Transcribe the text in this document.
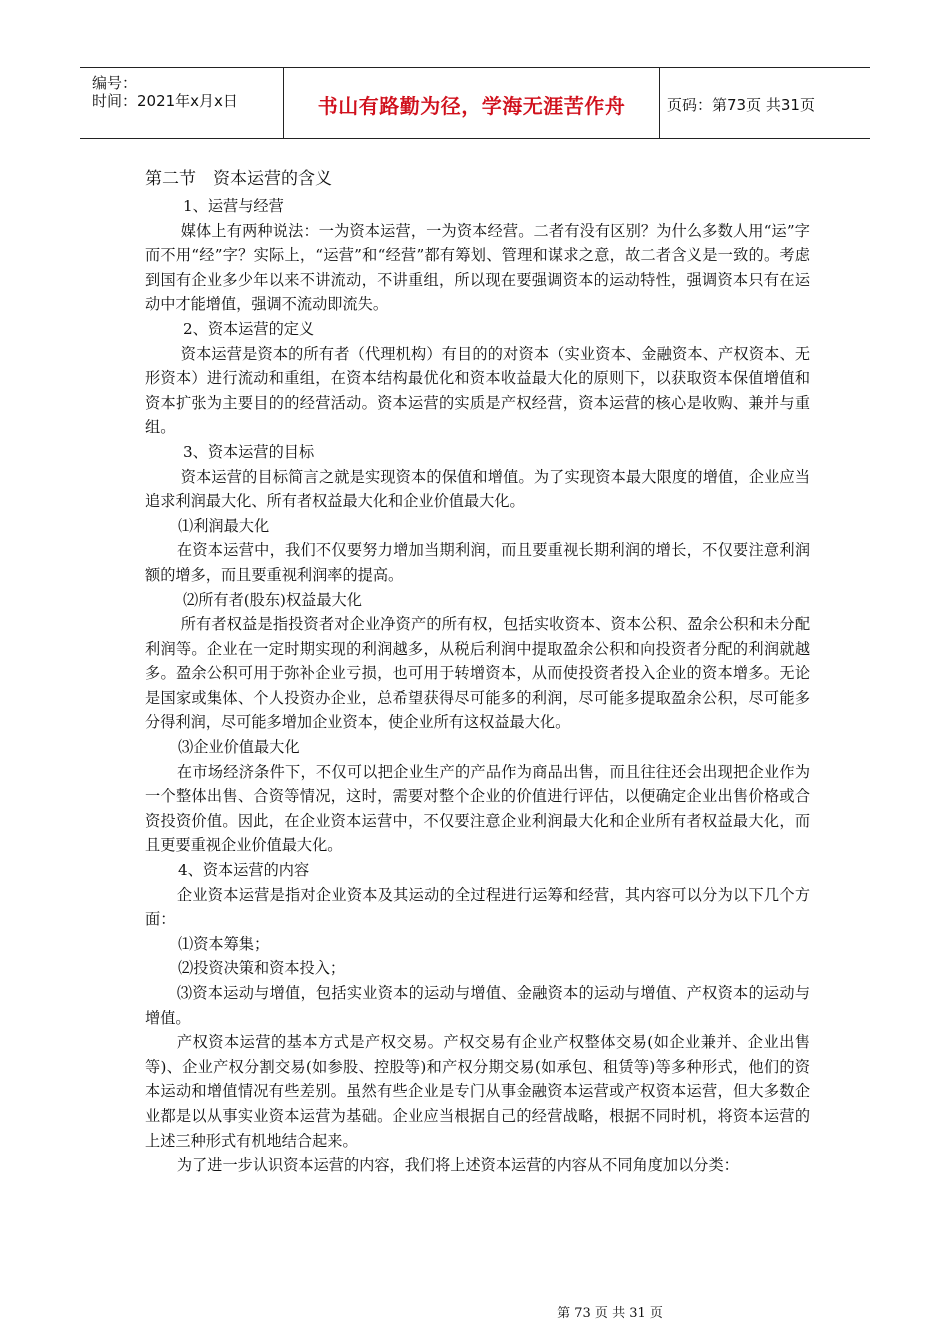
编号：
时间：2021年x月x日	书山有路勤为径，学海无涯苦作舟	页码：第73页 共31页

第二节　资本运营的含义

1、运营与经营

媒体上有两种说法：一为资本运营，一为资本经营。二者有没有区别？为什么多数人用“运”字而不用“经”字？实际上，“运营”和“经营”都有筹划、管理和谋求之意，故二者含义是一致的。考虑到国有企业多少年以来不讲流动，不讲重组，所以现在要强调资本的运动特性，强调资本只有在运动中才能增值，强调不流动即流失。

2、资本运营的定义

资本运营是资本的所有者（代理机构）有目的的对资本（实业资本、金融资本、产权资本、无形资本）进行流动和重组，在资本结构最优化和资本收益最大化的原则下，以获取资本保值增值和资本扩张为主要目的的经营活动。资本运营的实质是产权经营，资本运营的核心是收购、兼并与重组。

3、资本运营的目标

资本运营的目标简言之就是实现资本的保值和增值。为了实现资本最大限度的增值，企业应当追求利润最大化、所有者权益最大化和企业价值最大化。

⑴利润最大化

在资本运营中，我们不仅要努力增加当期利润，而且要重视长期利润的增长，不仅要注意利润额的增多，而且要重视利润率的提高。

⑵所有者(股东)权益最大化

所有者权益是指投资者对企业净资产的所有权，包括实收资本、资本公积、盈余公积和未分配利润等。企业在一定时期实现的利润越多，从税后利润中提取盈余公积和向投资者分配的利润就越多。盈余公积可用于弥补企业亏损，也可用于转增资本，从而使投资者投入企业的资本增多。无论是国家或集体、个人投资办企业，总希望获得尽可能多的利润，尽可能多提取盈余公积，尽可能多分得利润，尽可能多增加企业资本，使企业所有这权益最大化。

⑶企业价值最大化

在市场经济条件下，不仅可以把企业生产的产品作为商品出售，而且往往还会出现把企业作为一个整体出售、合资等情况，这时，需要对整个企业的价值进行评估，以便确定企业出售价格或合资投资价值。因此，在企业资本运营中，不仅要注意企业利润最大化和企业所有者权益最大化，而且更要重视企业价值最大化。

4、资本运营的内容

企业资本运营是指对企业资本及其运动的全过程进行运筹和经营，其内容可以分为以下几个方面：

⑴资本筹集；

⑵投资决策和资本投入；

⑶资本运动与增值，包括实业资本的运动与增值、金融资本的运动与增值、产权资本的运动与增值。

产权资本运营的基本方式是产权交易。产权交易有企业产权整体交易(如企业兼并、企业出售等)、企业产权分割交易(如参股、控股等)和产权分期交易(如承包、租赁等)等多种形式，他们的资本运动和增值情况有些差别。虽然有些企业是专门从事金融资本运营或产权资本运营，但大多数企业都是以从事实业资本运营为基础。企业应当根据自己的经营战略，根据不同时机，将资本运营的上述三种形式有机地结合起来。

为了进一步认识资本运营的内容，我们将上述资本运营的内容从不同角度加以分类：

第 73 页 共 31 页
